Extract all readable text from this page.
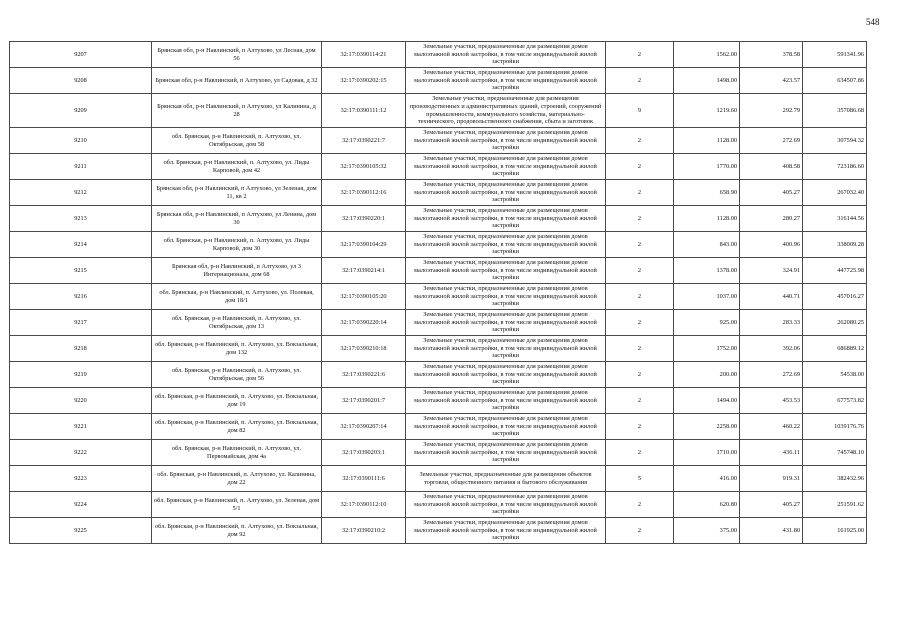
548
9207	Брянская обл, р-н Навлинский, п Алтухово, ул Лесная, дом 56	32:17:0390114:21	Земельные участки, предназначенные для размещения домов малоэтажной жилой застройки, в том числе индивидуальной жилой застройки	2	1562.00	378.58	591341.96
9208	Брянская обл, р-н Навлинский, п Алтухово, ул Садовая, д 32	32:17:0390202:15	Земельные участки, предназначенные для размещения домов малоэтажной жилой застройки, в том числе индивидуальной жилой застройки	2	1498.00	423.57	634507.86
9209	Брянская обл, р-н Навлинский, п Алтухово, ул Калинина, д 28	32:17:0390111:12	Земельные участки, предназначенные для размещения производственных и административных зданий, строений, сооружений промышленности, коммунального хозяйства, материально-технического, продовольственного снабжения, сбыта и заготовок	9	1219.60	292.79	357086.68
9210	обл. Брянская, р-н Навлинский, п. Алтухово, ул. Октябрьская, дом 58	32:17:0390221:7	Земельные участки, предназначенные для размещения домов малоэтажной жилой застройки, в том числе индивидуальной жилой застройки	2	1128.00	272.69	307594.32
9211	обл. Брянская, р-н Навлинский, п. Алтухово, ул. Лиды Карповой, дом 42	32:17:0390105:32	Земельные участки, предназначенные для размещения домов малоэтажной жилой застройки, в том числе индивидуальной жилой застройки	2	1770.00	408.58	723186.60
9212	Брянская обл, р-н Навлинский, п Алтухово, ул Зеленая, дом 11, кв 2	32:17:0390112:16	Земельные участки, предназначенные для размещения домов малоэтажной жилой застройки, в том числе индивидуальной жилой застройки	2	658.90	405.27	267032.40
9213	Брянская обл, р-н Навлинский, п Алтухово, ул Ленина, дом 30	32:17:0390220:1	Земельные участки, предназначенные для размещения домов малоэтажной жилой застройки, в том числе индивидуальной жилой застройки	2	1128.00	280.27	316144.56
9214	обл. Брянская, р-н Навлинский, п. Алтухово, ул. Лиды Карповой, дом 30	32:17:0390104:29	Земельные участки, предназначенные для размещения домов малоэтажной жилой застройки, в том числе индивидуальной жилой застройки	2	843.00	400.96	338009.28
9215	Брянская обл, р-н Навлинский, п Алтухово, ул 3 Интернационала, дом 68	32:17:0390214:1	Земельные участки, предназначенные для размещения домов малоэтажной жилой застройки, в том числе индивидуальной жилой застройки	2	1378.00	324.91	447725.98
9216	обл. Брянская, р-н Навлинский, п. Алтухово, ул. Полевая, дом 18/1	32:17:0390105:20	Земельные участки, предназначенные для размещения домов малоэтажной жилой застройки, в том числе индивидуальной жилой застройки	2	1037.00	440.71	457016.27
9217	обл. Брянская, р-н Навлинский, п. Алтухово, ул. Октябрьская, дом 13	32:17:0390220:14	Земельные участки, предназначенные для размещения домов малоэтажной жилой застройки, в том числе индивидуальной жилой застройки	2	925.00	283.33	262080.25
9218	обл. Брянская, р-н Навлинский, п. Алтухово, ул. Вокзальная, дом 132	32:17:0390210:18	Земельные участки, предназначенные для размещения домов малоэтажной жилой застройки, в том числе индивидуальной жилой застройки	2	1752.00	392.06	686889.12
9219	обл. Брянская, р-н Навлинский, п. Алтухово, ул. Октябрьская, дом 56	32:17:0390221:6	Земельные участки, предназначенные для размещения домов малоэтажной жилой застройки, в том числе индивидуальной жилой застройки	2	200.00	272.69	54538.00
9220	обл. Брянская, р-н Навлинский, п. Алтухово, ул. Вокзальная, дом 19	32:17:0390201:7	Земельные участки, предназначенные для размещения домов малоэтажной жилой застройки, в том числе индивидуальной жилой застройки	2	1494.00	453.53	677573.82
9221	обл. Брянская, р-н Навлинский, п. Алтухово, ул. Вокзальная, дом 82	32:17:0390207:14	Земельные участки, предназначенные для размещения домов малоэтажной жилой застройки, в том числе индивидуальной жилой застройки	2	2258.00	460.22	1039176.76
9222	обл. Брянская, р-н Навлинский, п. Алтухово, ул. Первомайская, дом 4а	32:17:0390203:1	Земельные участки, предназначенные для размещения домов малоэтажной жилой застройки, в том числе индивидуальной жилой застройки	2	1710.00	436.11	745748.10
9223	обл. Брянская, р-н Навлинский, п. Алтухово, ул. Калинина, дом 22	32:17:0390111:6	Земельные участки, предназначенные для размещения объектов торговли, общественного питания и бытового обслуживания	5	416.00	919.31	382432.96
9224	обл. Брянская, р-н Навлинский, п. Алтухово, ул. Зеленая, дом 5/1	32:17:0390112:10	Земельные участки, предназначенные для размещения домов малоэтажной жилой застройки, в том числе индивидуальной жилой застройки	2	620.80	405.27	251591.62
9225	обл. Брянская, р-н Навлинский, п. Алтухово, ул. Вокзальная, дом 92	32:17:0390210:2	Земельные участки, предназначенные для размещения домов малоэтажной жилой застройки, в том числе индивидуальной жилой застройки	2	375.00	431.80	161925.00
